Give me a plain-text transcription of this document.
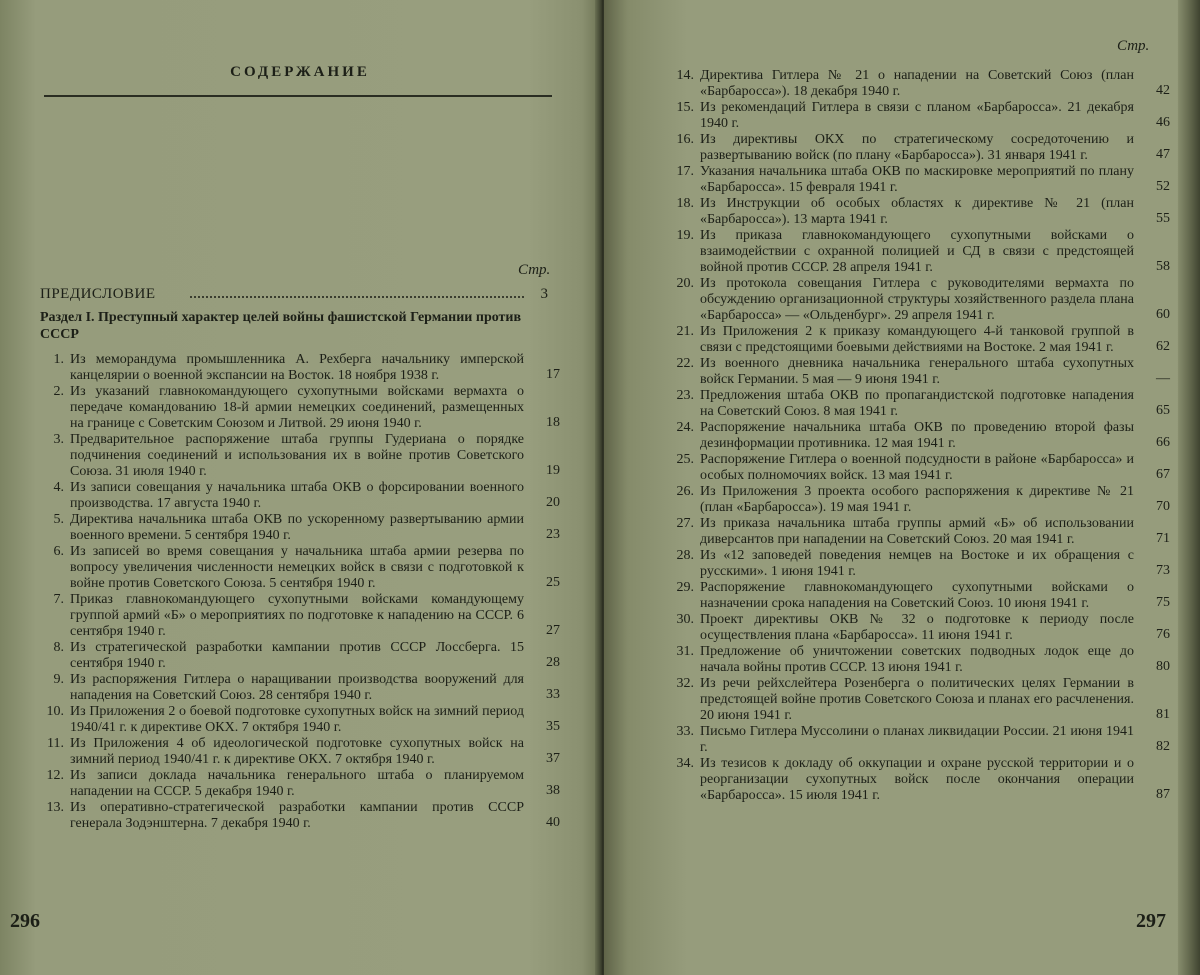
СОДЕРЖАНИЕ
Стр.
ПРЕДИСЛОВИЕ	3
Раздел I. Преступный характер целей войны фашистской Германии против СССР
1. Из меморандума промышленника А. Рехберга начальнику имперской канцелярии о военной экспансии на Восток. 18 ноября 1938 г.	17
2. Из указаний главнокомандующего сухопутными войсками вермахта о передаче командованию 18-й армии немецких соединений, размещенных на границе с Советским Союзом и Литвой. 29 июня 1940 г.	18
3. Предварительное распоряжение штаба группы Гудериана о порядке подчинения соединений и использования их в войне против Советского Союза. 31 июля 1940 г.	19
4. Из записи совещания у начальника штаба ОКВ о форсировании военного производства. 17 августа 1940 г.	20
5. Директива начальника штаба ОКВ по ускоренному развертыванию армии военного времени. 5 сентября 1940 г.	23
6. Из записей во время совещания у начальника штаба армии резерва по вопросу увеличения численности немецких войск в связи с подготовкой к войне против Советского Союза. 5 сентября 1940 г.	25
7. Приказ главнокомандующего сухопутными войсками командующему группой армий «Б» о мероприятиях по подготовке к нападению на СССР. 6 сентября 1940 г.	27
8. Из стратегической разработки кампании против СССР Лоссберга. 15 сентября 1940 г.	28
9. Из распоряжения Гитлера о наращивании производства вооружений для нападения на Советский Союз. 28 сентября 1940 г.	33
10. Из Приложения 2 о боевой подготовке сухопутных войск на зимний период 1940/41 г. к директиве ОКХ. 7 октября 1940 г.	35
11. Из Приложения 4 об идеологической подготовке сухопутных войск на зимний период 1940/41 г. к директиве ОКХ. 7 октября 1940 г.	37
12. Из записи доклада начальника генерального штаба о планируемом нападении на СССР. 5 декабря 1940 г.	38
13. Из оперативно-стратегической разработки кампании против СССР генерала Зодэнштерна. 7 декабря 1940 г.	40
296
Стр.
14. Директива Гитлера № 21 о нападении на Советский Союз (план «Барбаросса»). 18 декабря 1940 г.	42
15. Из рекомендаций Гитлера в связи с планом «Барбаросса». 21 декабря 1940 г.	46
16. Из директивы ОКХ по стратегическому сосредоточению и развертыванию войск (по плану «Барбаросса»). 31 января 1941 г.	47
17. Указания начальника штаба ОКВ по маскировке мероприятий по плану «Барбаросса». 15 февраля 1941 г.	52
18. Из Инструкции об особых областях к директиве № 21 (план «Барбаросса»). 13 марта 1941 г.	55
19. Из приказа главнокомандующего сухопутными войсками о взаимодействии с охранной полицией и СД в связи с предстоящей войной против СССР. 28 апреля 1941 г.	58
20. Из протокола совещания Гитлера с руководителями вермахта по обсуждению организационной структуры хозяйственного раздела плана «Барбаросса» — «Ольденбург». 29 апреля 1941 г.	60
21. Из Приложения 2 к приказу командующего 4-й танковой группой в связи с предстоящими боевыми действиями на Востоке. 2 мая 1941 г.	62
22. Из военного дневника начальника генерального штаба сухопутных войск Германии. 5 мая — 9 июня 1941 г.	—
23. Предложения штаба ОКВ по пропагандистской подготовке нападения на Советский Союз. 8 мая 1941 г.	65
24. Распоряжение начальника штаба ОКВ по проведению второй фазы дезинформации противника. 12 мая 1941 г.	66
25. Распоряжение Гитлера о военной подсудности в районе «Барбаросса» и особых полномочиях войск. 13 мая 1941 г.	67
26. Из Приложения 3 проекта особого распоряжения к директиве № 21 (план «Барбаросса»). 19 мая 1941 г.	70
27. Из приказа начальника штаба группы армий «Б» об использовании диверсантов при нападении на Советский Союз. 20 мая 1941 г.	71
28. Из «12 заповедей поведения немцев на Востоке и их обращения с русскими». 1 июня 1941 г.	73
29. Распоряжение главнокомандующего сухопутными войсками о назначении срока нападения на Советский Союз. 10 июня 1941 г.	75
30. Проект директивы ОКВ № 32 о подготовке к периоду после осуществления плана «Барбаросса». 11 июня 1941 г.	76
31. Предложение об уничтожении советских подводных лодок еще до начала войны против СССР. 13 июня 1941 г.	80
32. Из речи рейхслейтера Розенберга о политических целях Германии в предстоящей войне против Советского Союза и планах его расчленения. 20 июня 1941 г.	81
33. Письмо Гитлера Муссолини о планах ликвидации России. 21 июня 1941 г.	82
34. Из тезисов к докладу об оккупации и охране русской территории и о реорганизации сухопутных войск после окончания операции «Барбаросса». 15 июля 1941 г.	87
297
